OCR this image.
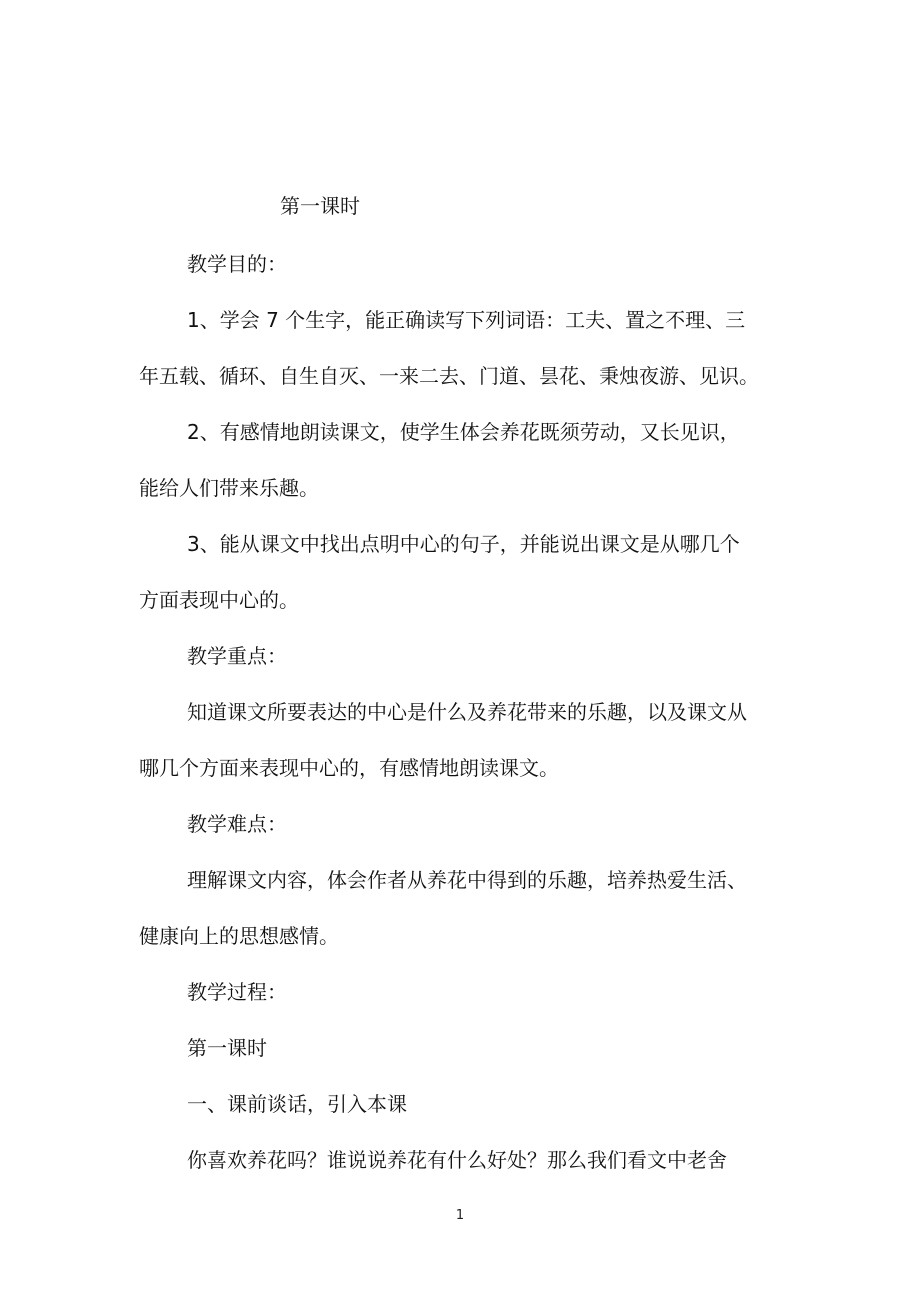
第一课时
教学目的：
1、学会 7 个生字，能正确读写下列词语：工夫、置之不理、三
年五载、循环、自生自灭、一来二去、门道、昙花、秉烛夜游、见识。
2、有感情地朗读课文，使学生体会养花既须劳动，又长见识，
能给人们带来乐趣。
3、能从课文中找出点明中心的句子，并能说出课文是从哪几个
方面表现中心的。
教学重点：
知道课文所要表达的中心是什么及养花带来的乐趣，以及课文从
哪几个方面来表现中心的，有感情地朗读课文。
教学难点：
理解课文内容，体会作者从养花中得到的乐趣，培养热爱生活、
健康向上的思想感情。
教学过程：
第一课时
一、课前谈话，引入本课
你喜欢养花吗？谁说说养花有什么好处？那么我们看文中老舍
1
